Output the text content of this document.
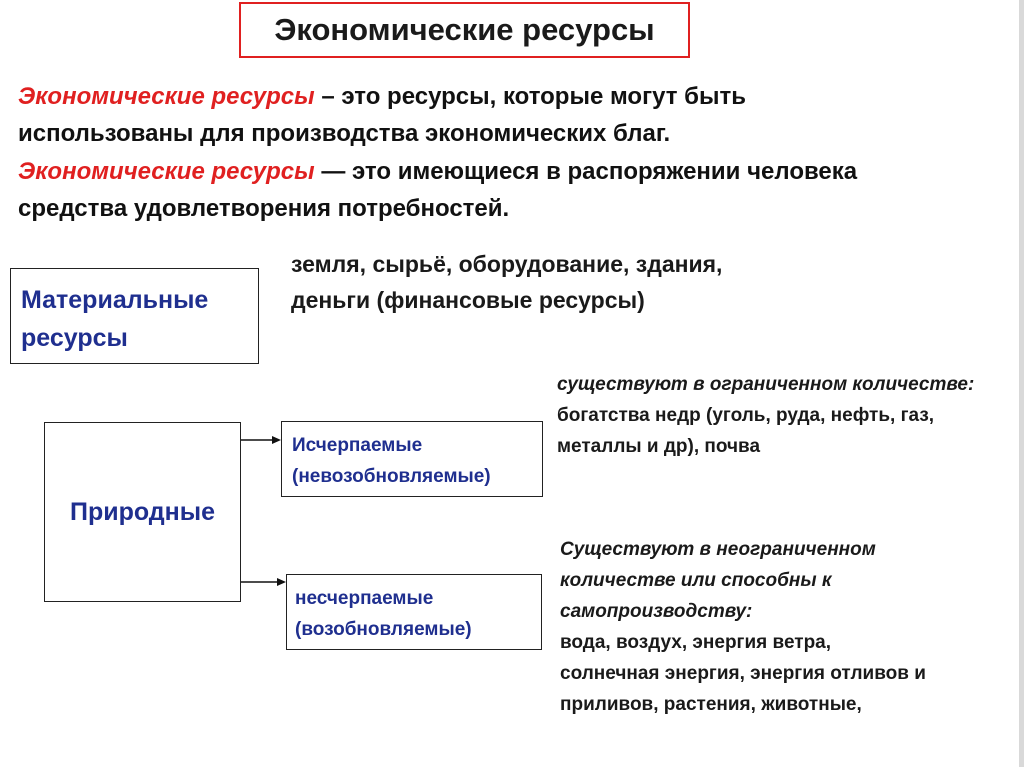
Экономические ресурсы
Экономические ресурсы – это ресурсы, которые могут быть использованы для производства экономических благ.
Экономические ресурсы — это имеющиеся в распоряжении человека средства удовлетворения потребностей.
земля, сырьё, оборудование, здания,
деньги (финансовые ресурсы)
Материальные
ресурсы
Природные
Исчерпаемые
(невозобновляемые)
несчерпаемые
(возобновляемые)
существуют в ограниченном количестве:
богатства недр (уголь, руда, нефть, газ,
металлы и др), почва
Существуют в неограниченном
количестве или способны к
самопроизводству:
вода, воздух, энергия ветра,
солнечная энергия, энергия отливов и
приливов, растения, животные,
